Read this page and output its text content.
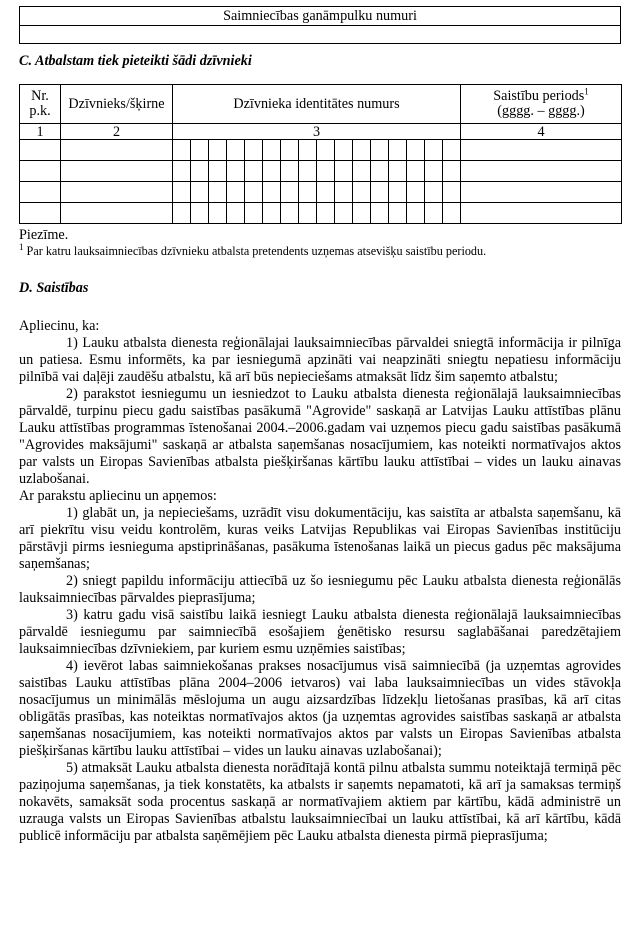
Saimniecības ganāmpulku numuri

C. Atbalstam tiek pieteikti šādi dzīvnieki
Nr.
p.k.	Dzīvnieks/šķirne	Dzīvnieka identitātes numurs																Saistību periods$^1$
(gggg. – gggg.)
1	2	3																4

Piezīme.
$^1$ Par katru lauksaimniecības dzīvnieku atbalsta pretendents uzņemas atsevišķu saistību periodu.
D. Saistības

Apliecinu, ka:

1) Lauku atbalsta dienesta reģionālajai lauksaimniecības pārvaldei sniegtā informācija ir pilnīga un patiesa. Esmu informēts, ka par iesniegumā apzināti vai neapzināti sniegtu nepatiesu informāciju pilnībā vai daļēji zaudēšu atbalstu, kā arī būs nepieciešams atmaksāt līdz šim saņemto atbalstu;

2) parakstot iesniegumu un iesniedzot to Lauku atbalsta dienesta reģionālajā lauksaimniecības pārvaldē, turpinu piecu gadu saistības pasākumā "Agrovide" saskaņā ar Latvijas Lauku attīstības plānu Lauku attīstības programmas īstenošanai 2004.–2006.gadam vai uzņemos piecu gadu saistības pasākumā "Agrovides maksājumi" saskaņā ar atbalsta saņemšanas nosacījumiem, kas noteikti normatīvajos aktos par valsts un Eiropas Savienības atbalsta piešķiršanas kārtību lauku attīstībai – vides un lauku ainavas uzlabošanai.

Ar parakstu apliecinu un apņemos:

1) glabāt un, ja nepieciešams, uzrādīt visu dokumentāciju, kas saistīta ar atbalsta saņemšanu, kā arī piekrītu visu veidu kontrolēm, kuras veiks Latvijas Republikas vai Eiropas Savienības institūciju pārstāvji pirms iesnieguma apstiprināšanas, pasākuma īstenošanas laikā un piecus gadus pēc maksājuma saņemšanas;

2) sniegt papildu informāciju attiecībā uz šo iesniegumu pēc Lauku atbalsta dienesta reģionālās lauksaimniecības pārvaldes pieprasījuma;

3) katru gadu visā saistību laikā iesniegt Lauku atbalsta dienesta reģionālajā lauksaimniecības pārvaldē iesniegumu par saimniecībā esošajiem ģenētisko resursu saglabāšanai paredzētajiem lauksaimniecības dzīvniekiem, par kuriem esmu uzņēmies saistības;

4) ievērot labas saimniekošanas prakses nosacījumus visā saimniecībā (ja uzņemtas agrovides saistības Lauku attīstības plāna 2004–2006 ietvaros) vai laba lauksaimniecības un vides stāvokļa nosacījumus un minimālās mēslojuma un augu aizsardzības līdzekļu lietošanas prasības, kā arī citas obligātās prasības, kas noteiktas normatīvajos aktos (ja uzņemtas agrovides saistības saskaņā ar atbalsta saņemšanas nosacījumiem, kas noteikti normatīvajos aktos par valsts un Eiropas Savienības atbalsta piešķiršanas kārtību lauku attīstībai – vides un lauku ainavas uzlabošanai);

5) atmaksāt Lauku atbalsta dienesta norādītajā kontā pilnu atbalsta summu noteiktajā termiņā pēc paziņojuma saņemšanas, ja tiek konstatēts, ka atbalsts ir saņemts nepamatoti, kā arī ja samaksas termiņš nokavēts, samaksāt soda procentus saskaņā ar normatīvajiem aktiem par kārtību, kādā administrē un uzrauga valsts un Eiropas Savienības atbalstu lauksaimniecībai un lauku attīstībai, kā arī kārtību, kādā publicē informāciju par atbalsta saņēmējiem pēc Lauku atbalsta dienesta pirmā pieprasījuma;
